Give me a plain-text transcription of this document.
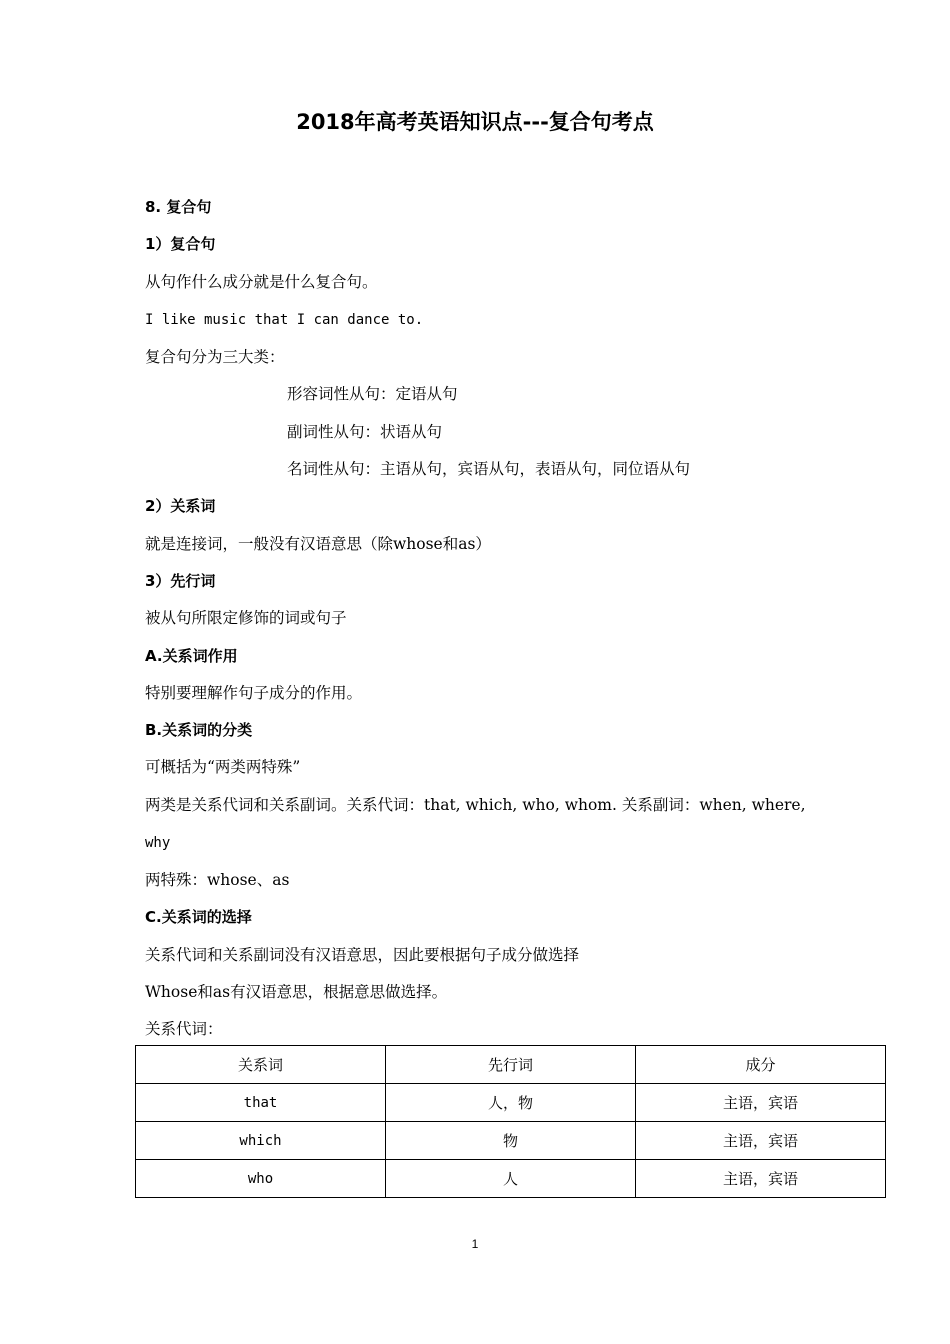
2018年高考英语知识点---复合句考点
8. 复合句
1）复合句
从句作什么成分就是什么复合句。
I like music that I can dance to.
复合句分为三大类：
形容词性从句：定语从句
副词性从句：状语从句
名词性从句：主语从句，宾语从句，表语从句，同位语从句
2）关系词
就是连接词，一般没有汉语意思（除whose和as）
3）先行词
被从句所限定修饰的词或句子
A.关系词作用
特别要理解作句子成分的作用。
B.关系词的分类
可概括为“两类两特殊”
两类是关系代词和关系副词。关系代词：that, which, who, whom. 关系副词：when, where,
why
两特殊：whose、as
C.关系词的选择
关系代词和关系副词没有汉语意思，因此要根据句子成分做选择
Whose和as有汉语意思，根据意思做选择。
关系代词：
关系词	先行词	成分
that	人，物	主语，宾语
which	物	主语，宾语
who	人	主语，宾语
1
